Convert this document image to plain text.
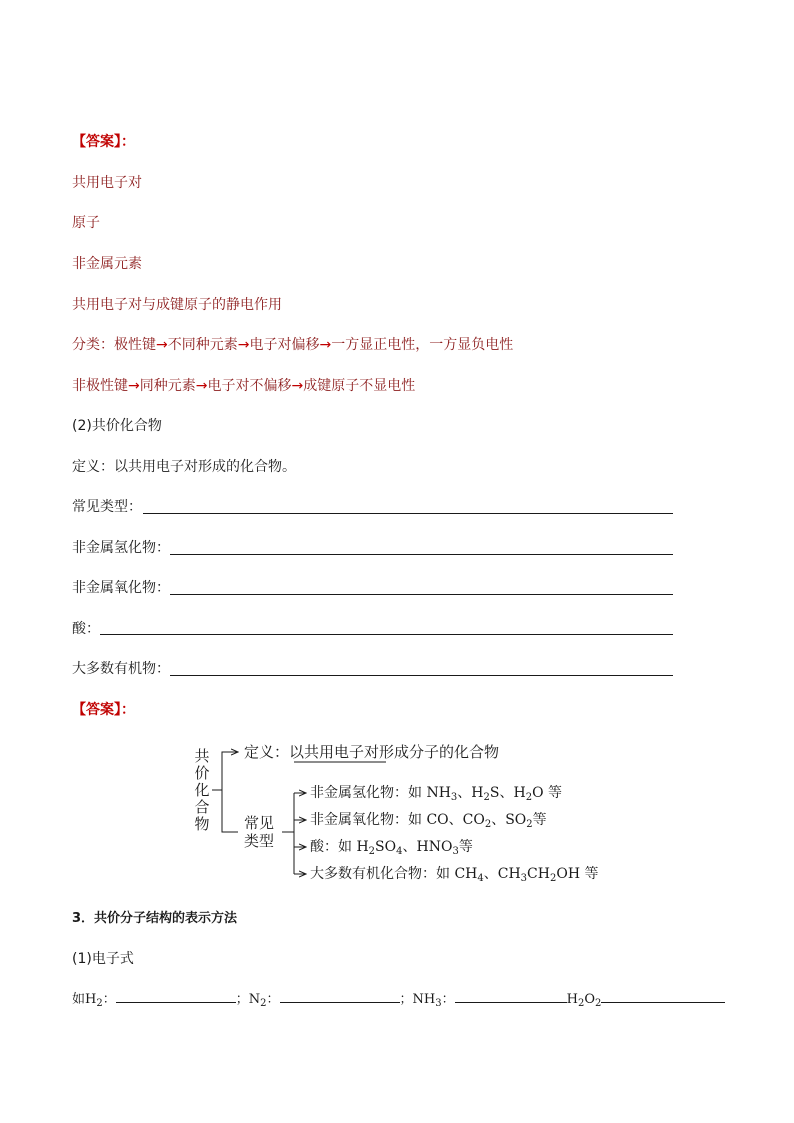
【答案】：
共用电子对
原子
非金属元素
共用电子对与成键原子的静电作用
分类：极性键→不同种元素→电子对偏移→一方显正电性，一方显负电性
非极性键→同种元素→电子对不偏移→成键原子不显电性
(2)共价化合物
定义：以共用电子对形成的化合物。
常见类型：
非金属氢化物：
非金属氧化物：
酸：
大多数有机物：
【答案】：
共
价
化
合
物
定义：以共用电子对形成分子的化合物
常见
类型
非金属氢化物：如 $NH_3$、$H_2S$、$H_2O$ 等
非金属氧化物：如 CO、$CO_2$、$SO_2$等
酸：如 $H_2SO_4$、$HNO_3$等
大多数有机化合物：如 $CH_4$、$CH_3CH_2OH$ 等
3．共价分子结构的表示方法
(1)电子式
如$H_2$：	；$N_2$：	；$NH_3$：	$H_2O_2$
